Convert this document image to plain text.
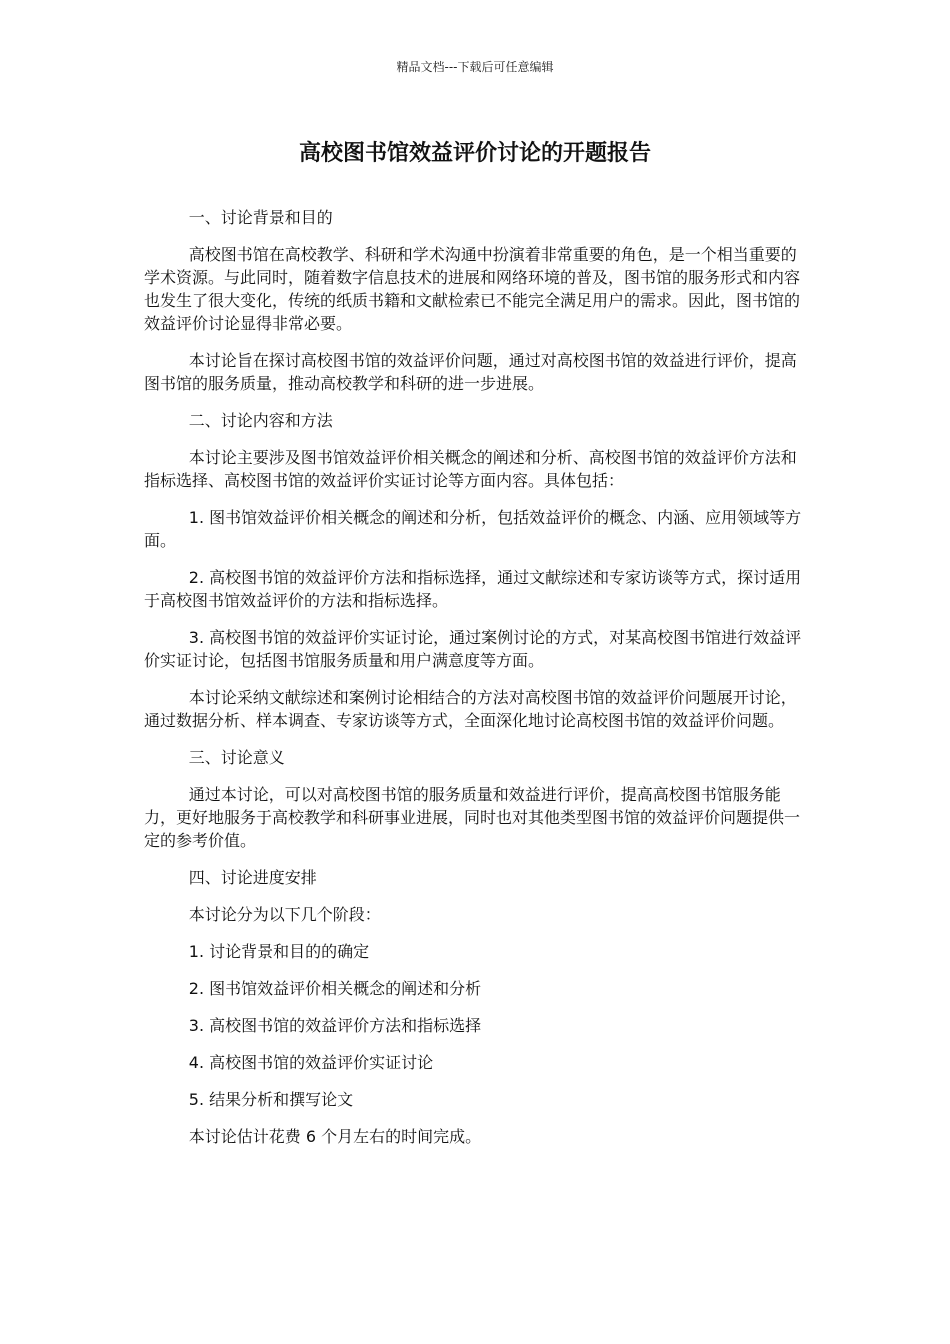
精品文档---下载后可任意编辑
高校图书馆效益评价讨论的开题报告

一、讨论背景和目的

高校图书馆在高校教学、科研和学术沟通中扮演着非常重要的角色，是一个相当重要的学术资源。与此同时，随着数字信息技术的进展和网络环境的普及，图书馆的服务形式和内容也发生了很大变化，传统的纸质书籍和文献检索已不能完全满足用户的需求。因此，图书馆的效益评价讨论显得非常必要。

本讨论旨在探讨高校图书馆的效益评价问题，通过对高校图书馆的效益进行评价，提高图书馆的服务质量，推动高校教学和科研的进一步进展。

二、讨论内容和方法

本讨论主要涉及图书馆效益评价相关概念的阐述和分析、高校图书馆的效益评价方法和指标选择、高校图书馆的效益评价实证讨论等方面内容。具体包括：

1. 图书馆效益评价相关概念的阐述和分析，包括效益评价的概念、内涵、应用领域等方面。

2. 高校图书馆的效益评价方法和指标选择，通过文献综述和专家访谈等方式，探讨适用于高校图书馆效益评价的方法和指标选择。

3. 高校图书馆的效益评价实证讨论，通过案例讨论的方式，对某高校图书馆进行效益评价实证讨论，包括图书馆服务质量和用户满意度等方面。

本讨论采纳文献综述和案例讨论相结合的方法对高校图书馆的效益评价问题展开讨论，通过数据分析、样本调查、专家访谈等方式，全面深化地讨论高校图书馆的效益评价问题。

三、讨论意义

通过本讨论，可以对高校图书馆的服务质量和效益进行评价，提高高校图书馆服务能力，更好地服务于高校教学和科研事业进展，同时也对其他类型图书馆的效益评价问题提供一定的参考价值。

四、讨论进度安排

本讨论分为以下几个阶段：

1. 讨论背景和目的的确定

2. 图书馆效益评价相关概念的阐述和分析

3. 高校图书馆的效益评价方法和指标选择

4. 高校图书馆的效益评价实证讨论

5. 结果分析和撰写论文

本讨论估计花费 6 个月左右的时间完成。
